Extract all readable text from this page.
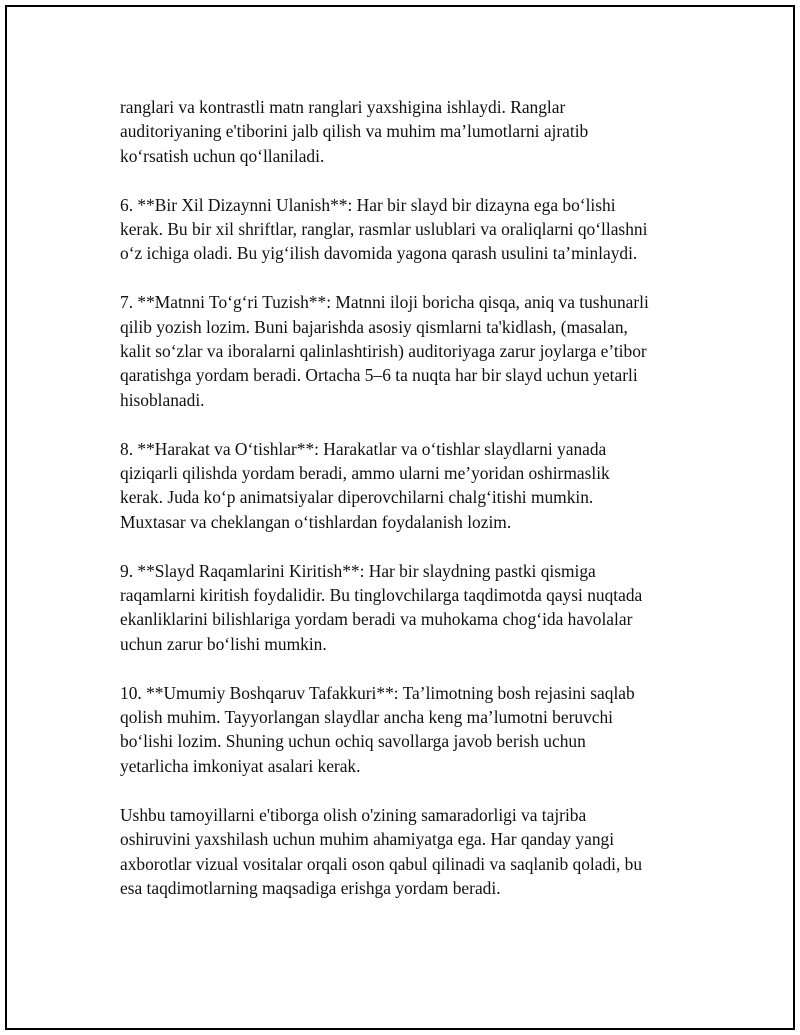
ranglari va kontrastli matn ranglari yaxshigina ishlaydi. Ranglar
auditoriyaning e'tiborini jalb qilish va muhim ma’lumotlarni ajratib
ko‘rsatish uchun qo‘llaniladi.

6. **Bir Xil Dizaynni Ulanish**: Har bir slayd bir dizayna ega bo‘lishi
kerak. Bu bir xil shriftlar, ranglar, rasmlar uslublari va oraliqlarni qo‘llashni
o‘z ichiga oladi. Bu yig‘ilish davomida yagona qarash usulini ta’minlaydi.

7. **Matnni To‘g‘ri Tuzish**: Matnni iloji boricha qisqa, aniq va tushunarli
qilib yozish lozim. Buni bajarishda asosiy qismlarni ta'kidlash, (masalan,
kalit so‘zlar va iboralarni qalinlashtirish) auditoriyaga zarur joylarga e’tibor
qaratishga yordam beradi. Ortacha 5–6 ta nuqta har bir slayd uchun yetarli
hisoblanadi.

8. **Harakat va O‘tishlar**: Harakatlar va o‘tishlar slaydlarni yanada
qiziqarli qilishda yordam beradi, ammo ularni me’yoridan oshirmaslik
kerak. Juda ko‘p animatsiyalar diperovchilarni chalg‘itishi mumkin.
Muxtasar va cheklangan o‘tishlardan foydalanish lozim.

9. **Slayd Raqamlarini Kiritish**: Har bir slaydning pastki qismiga
raqamlarni kiritish foydalidir. Bu tinglovchilarga taqdimotda qaysi nuqtada
ekanliklarini bilishlariga yordam beradi va muhokama chog‘ida havolalar
uchun zarur bo‘lishi mumkin.

10. **Umumiy Boshqaruv Tafakkuri**: Ta’limotning bosh rejasini saqlab
qolish muhim. Tayyorlangan slaydlar ancha keng ma’lumotni beruvchi
bo‘lishi lozim. Shuning uchun ochiq savollarga javob berish uchun
yetarlicha imkoniyat asalari kerak.

Ushbu tamoyillarni e'tiborga olish o'zining samaradorligi va tajriba
oshiruvini yaxshilash uchun muhim ahamiyatga ega. Har qanday yangi
axborotlar vizual vositalar orqali oson qabul qilinadi va saqlanib qoladi, bu
esa taqdimotlarning maqsadiga erishga yordam beradi.
